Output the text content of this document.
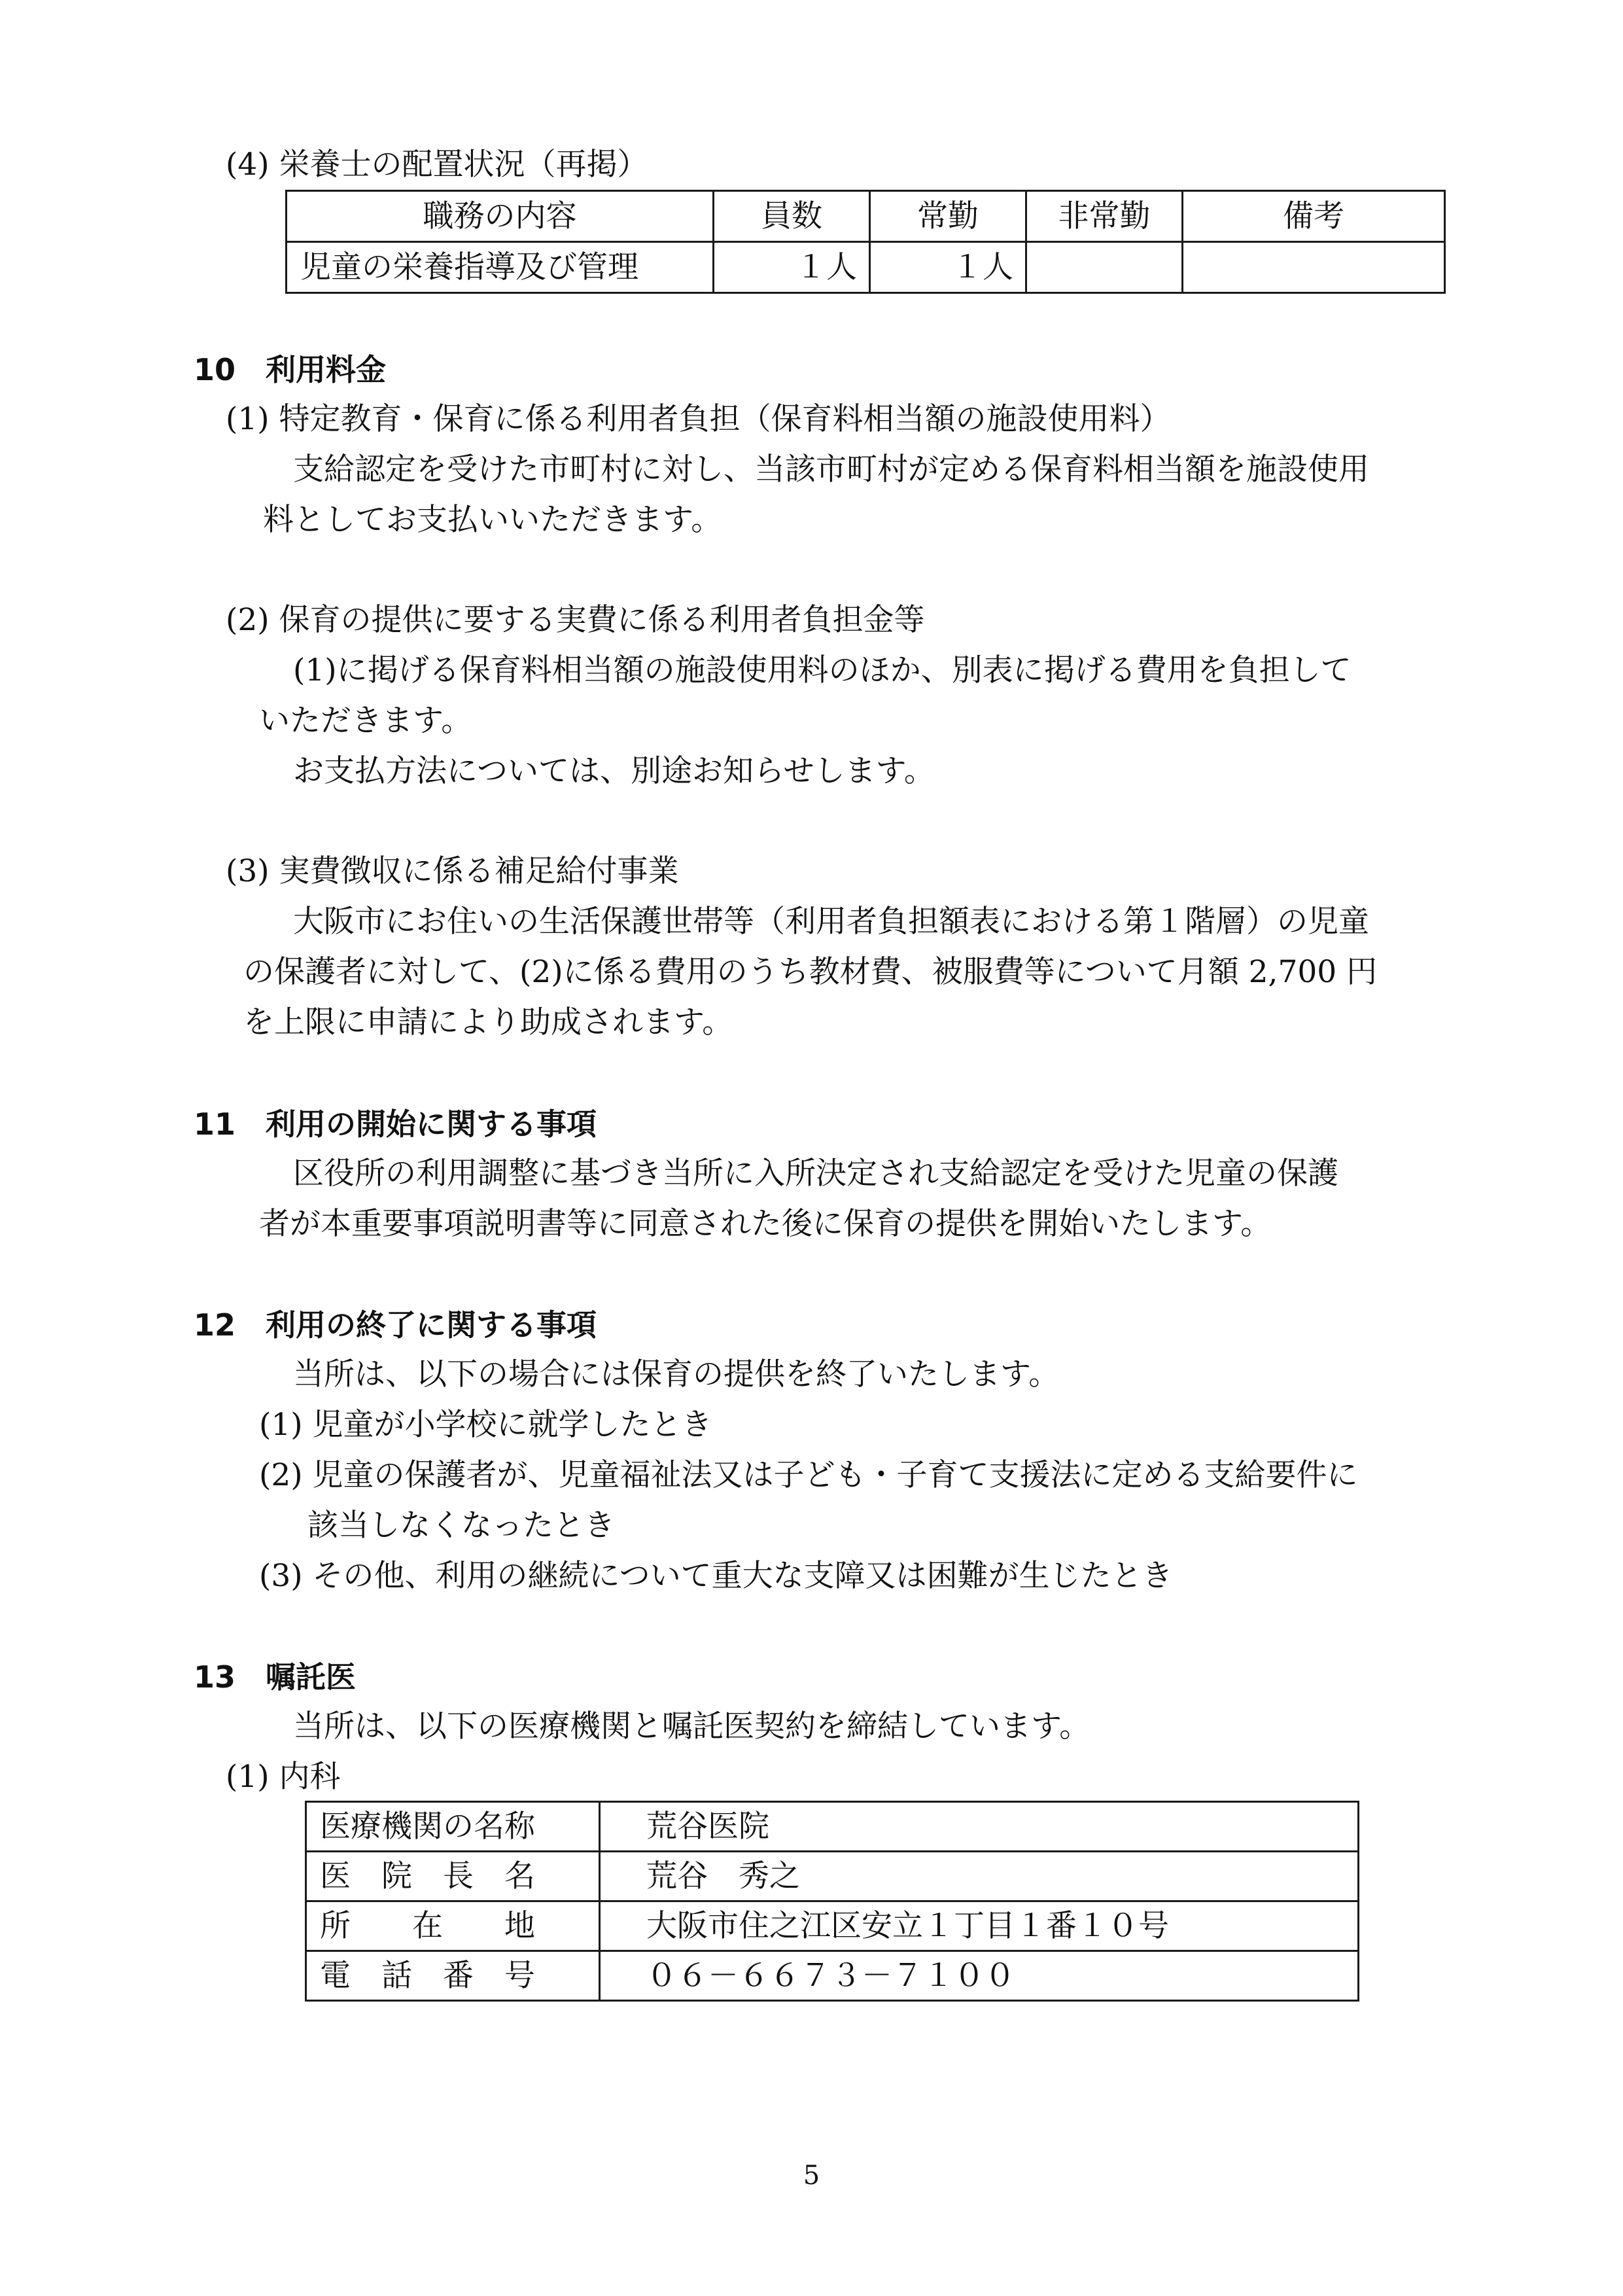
(4) 栄養士の配置状況（再掲）
職務の内容	員数	常勤	非常勤	備考
児童の栄養指導及び管理	１人	１人		
10　利用料金
(1) 特定教育・保育に係る利用者負担（保育料相当額の施設使用料）
支給認定を受けた市町村に対し、当該市町村が定める保育料相当額を施設使用
料としてお支払いいただきます。
(2) 保育の提供に要する実費に係る利用者負担金等
(1)に掲げる保育料相当額の施設使用料のほか、別表に掲げる費用を負担して
いただきます。
お支払方法については、別途お知らせします。
(3) 実費徴収に係る補足給付事業
大阪市にお住いの生活保護世帯等（利用者負担額表における第１階層）の児童
の保護者に対して、(2)に係る費用のうち教材費、被服費等について月額 2,700 円
を上限に申請により助成されます。
11　利用の開始に関する事項
区役所の利用調整に基づき当所に入所決定され支給認定を受けた児童の保護
者が本重要事項説明書等に同意された後に保育の提供を開始いたします。
12　利用の終了に関する事項
当所は、以下の場合には保育の提供を終了いたします。
(1) 児童が小学校に就学したとき
(2) 児童の保護者が、児童福祉法又は子ども・子育て支援法に定める支給要件に
該当しなくなったとき
(3) その他、利用の継続について重大な支障又は困難が生じたとき
13　嘱託医
当所は、以下の医療機関と嘱託医契約を締結しています。
(1) 内科
医療機関の名称	荒谷医院
医　院　長　名	荒谷　秀之
所　　在　　地	大阪市住之江区安立１丁目１番１０号
電　話　番　号	０６－６６７３－７１００
5
